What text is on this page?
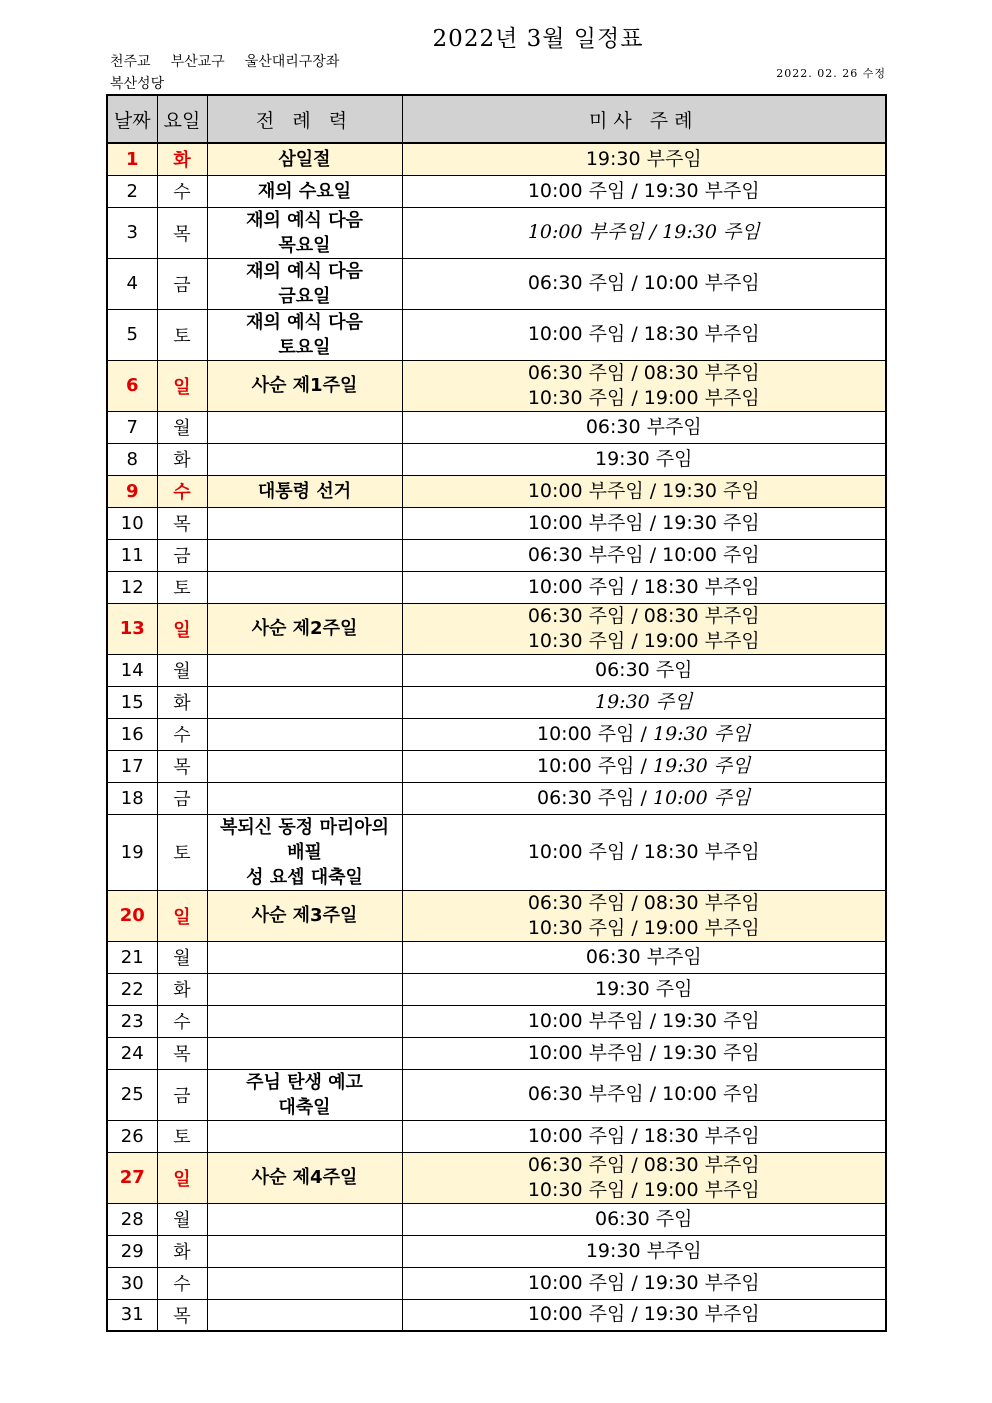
2022년 3월 일정표
천주교 부산교구 울산대리구장좌
복산성당
2022. 02. 26 수정
날짜	요일	전 례 력	미사 주례
1	화	삼일절	19:30 부주임

2	수	재의 수요일	10:00 주임 / 19:30 부주임

3	목	재의 예식 다음
목요일	10:00 부주임 / 19:30 주임

4	금	재의 예식 다음
금요일	06:30 주임 / 10:00 부주임

5	토	재의 예식 다음
토요일	10:00 주임 / 18:30 부주임

6	일	사순 제1주일	06:30 주임 / 08:30 부주임
10:30 주임 / 19:00 부주임

7	월		06:30 부주임

8	화		19:30 주임

9	수	대통령 선거	10:00 부주임 / 19:30 주임

10	목		10:00 부주임 / 19:30 주임

11	금		06:30 부주임 / 10:00 주임

12	토		10:00 주임 / 18:30 부주임

13	일	사순 제2주일	06:30 주임 / 08:30 부주임
10:30 주임 / 19:00 부주임

14	월		06:30 주임

15	화		19:30 주임

16	수		10:00 주임 / 19:30 주임

17	목		10:00 주임 / 19:30 주임

18	금		06:30 주임 / 10:00 주임

19	토	복되신 동정 마리아의
배필
성 요셉 대축일	10:00 주임 / 18:30 부주임

20	일	사순 제3주일	06:30 주임 / 08:30 부주임
10:30 주임 / 19:00 부주임

21	월		06:30 부주임

22	화		19:30 주임

23	수		10:00 부주임 / 19:30 주임

24	목		10:00 부주임 / 19:30 주임

25	금	주님 탄생 예고
대축일	06:30 부주임 / 10:00 주임

26	토		10:00 주임 / 18:30 부주임

27	일	사순 제4주일	06:30 주임 / 08:30 부주임
10:30 주임 / 19:00 부주임

28	월		06:30 주임

29	화		19:30 부주임

30	수		10:00 주임 / 19:30 부주임

31	목		10:00 주임 / 19:30 부주임
